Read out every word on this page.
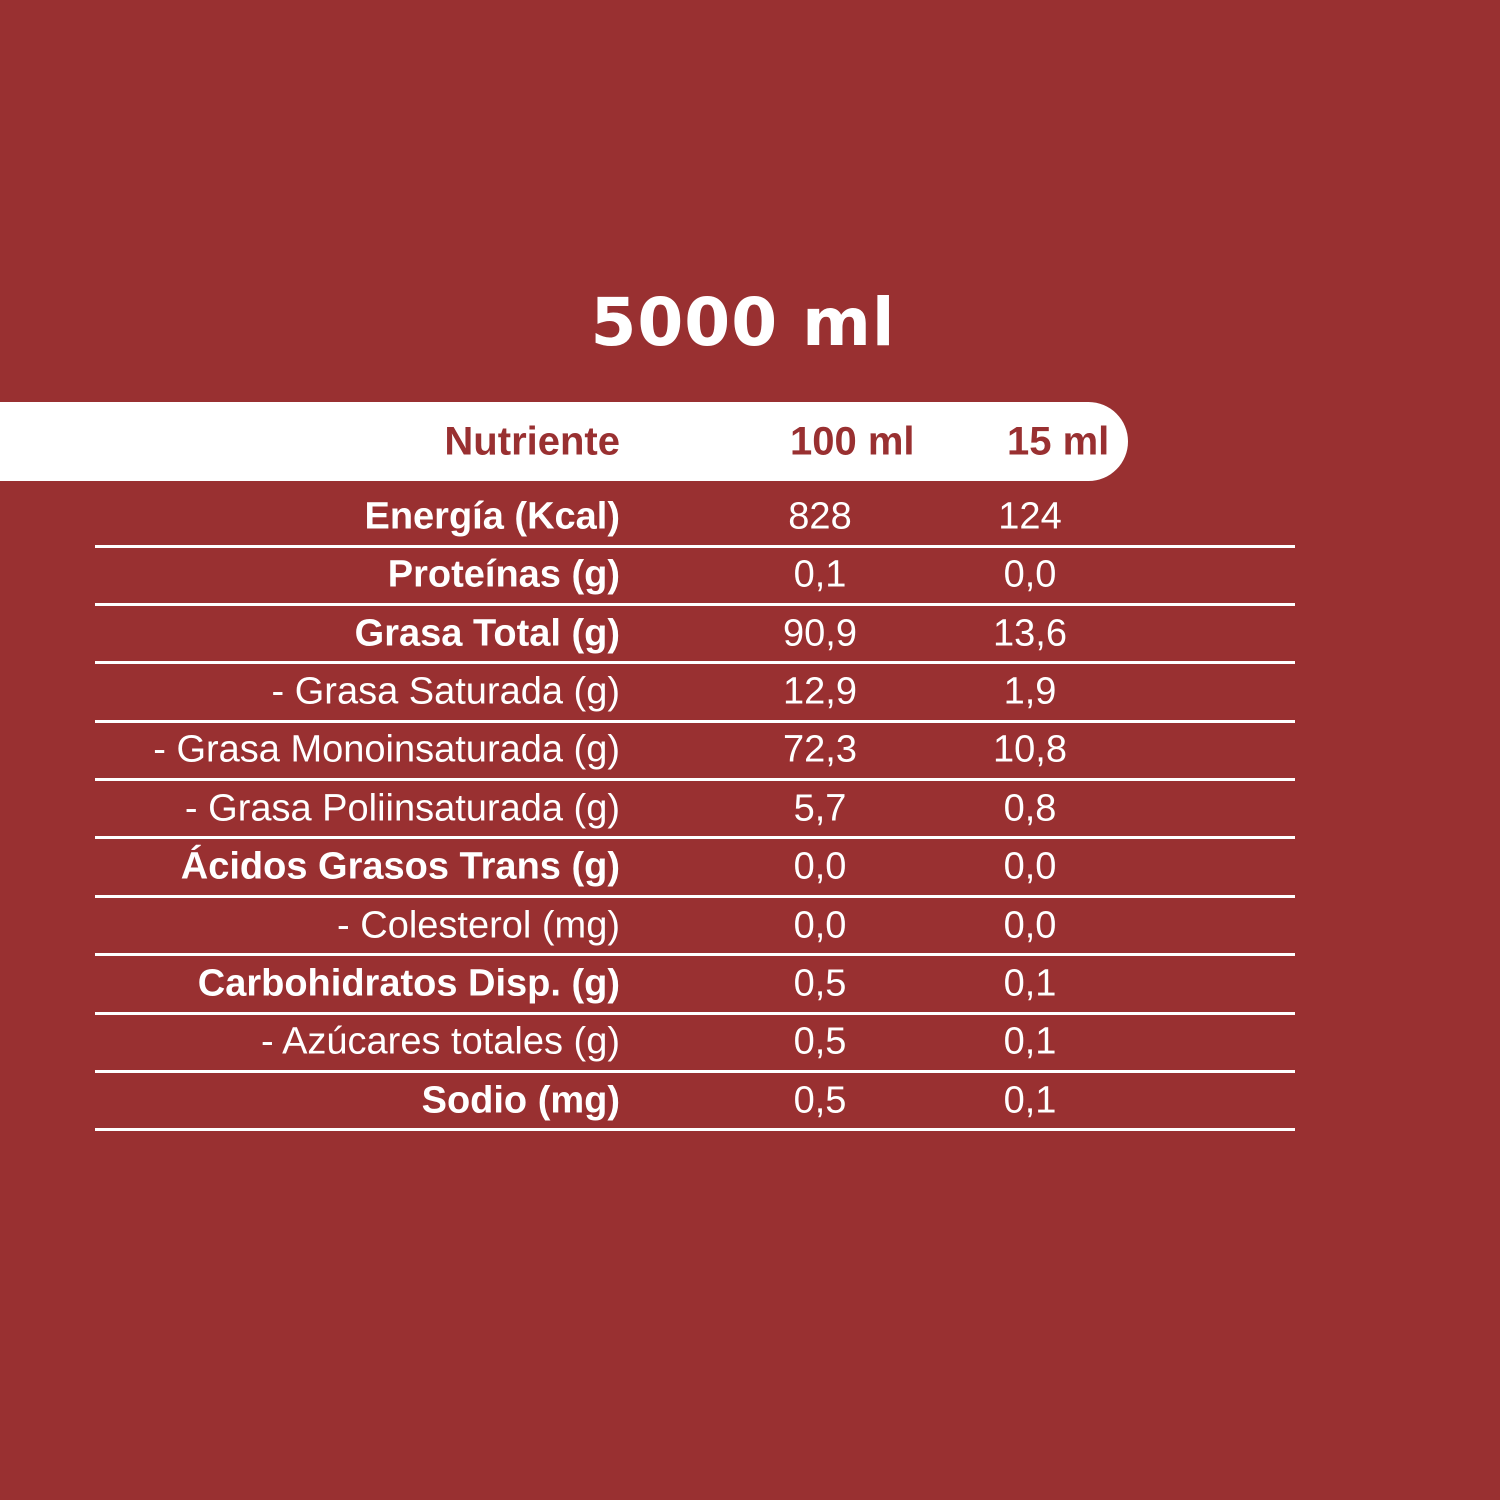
5000 ml
Nutriente	100 ml 15 ml
Energía (Kcal)	828	124
Proteínas (g)	0,1	0,0
Grasa Total (g)	90,9	13,6
- Grasa Saturada (g)	12,9	1,9
- Grasa Monoinsaturada (g)	72,3	10,8
- Grasa Poliinsaturada (g)	5,7	0,8
Ácidos Grasos Trans (g)	0,0	0,0
- Colesterol (mg)	0,0	0,0
Carbohidratos Disp. (g)	0,5	0,1
- Azúcares totales (g)	0,5	0,1
Sodio (mg)	0,5	0,1
